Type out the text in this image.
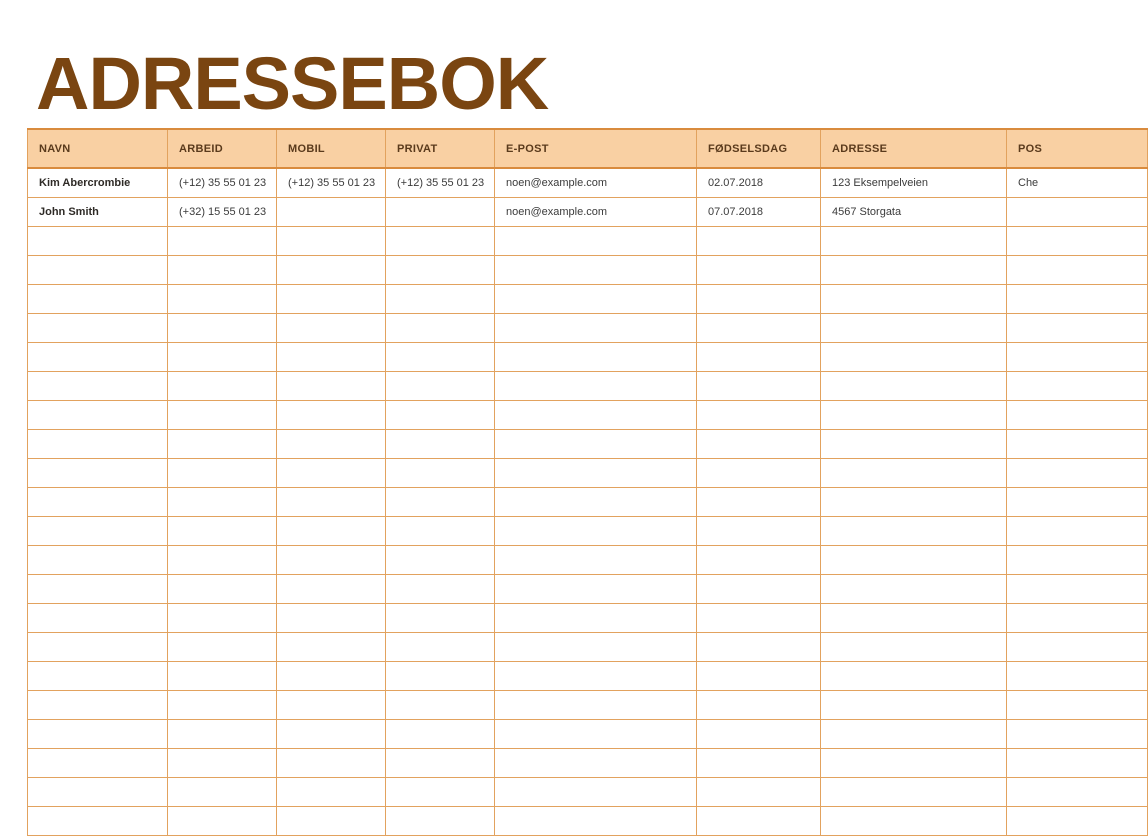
ADRESSEBOK
NAVN	ARBEID	MOBIL	PRIVAT	E-POST	FØDSELSDAG	ADRESSE	POS
Kim Abercrombie	(+12) 35 55 01 23	(+12) 35 55 01 23	(+12) 35 55 01 23	noen@example.com	02.07.2018	123 Eksempelveien	Che
John Smith	(+32) 15 55 01 23			noen@example.com	07.07.2018	4567 Storgata	
